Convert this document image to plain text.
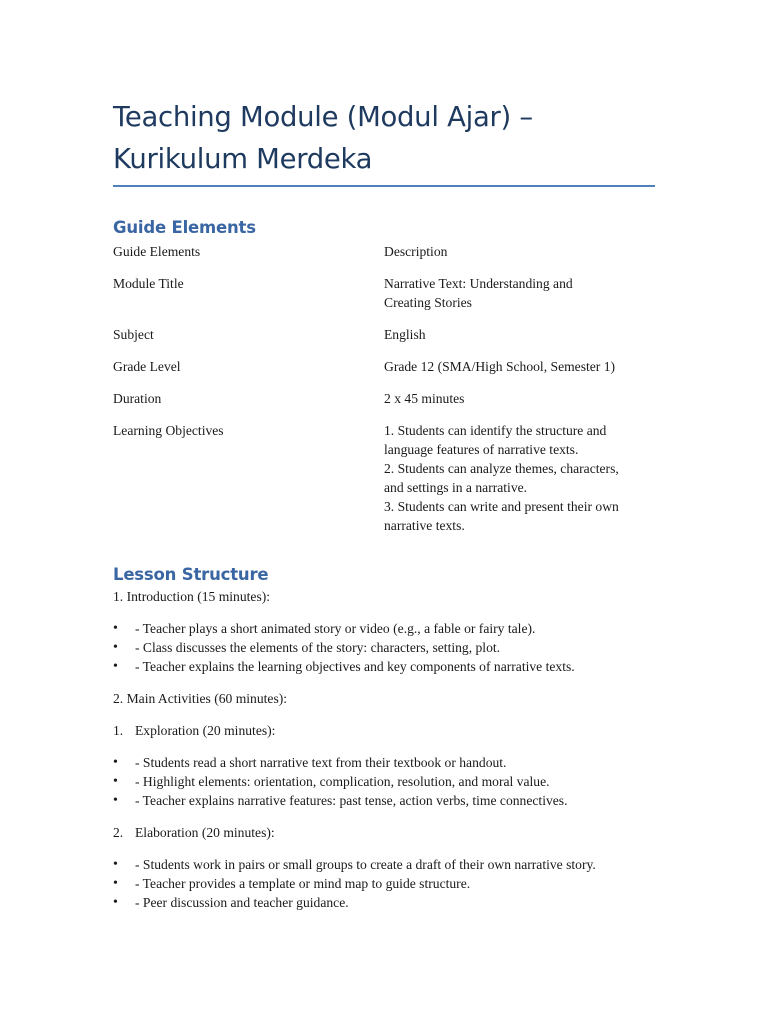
Teaching Module (Modul Ajar) – Kurikulum Merdeka
Guide Elements
Guide Elements	Description
Module Title	Narrative Text: Understanding and
Creating Stories
Subject	English
Grade Level	Grade 12 (SMA/High School, Semester 1)
Duration	2 x 45 minutes
Learning Objectives	1. Students can identify the structure and
language features of narrative texts.
2. Students can analyze themes, characters,
and settings in a narrative.
3. Students can write and present their own
narrative texts.
Lesson Structure

1. Introduction (15 minutes):

• - Teacher plays a short animated story or video (e.g., a fable or fairy tale).
• - Class discusses the elements of the story: characters, setting, plot.
• - Teacher explains the learning objectives and key components of narrative texts.

2. Main Activities (60 minutes):

1. Exploration (20 minutes):
• - Students read a short narrative text from their textbook or handout.
• - Highlight elements: orientation, complication, resolution, and moral value.
• - Teacher explains narrative features: past tense, action verbs, time connectives.
2. Elaboration (20 minutes):
• - Students work in pairs or small groups to create a draft of their own narrative story.
• - Teacher provides a template or mind map to guide structure.
• - Peer discussion and teacher guidance.
